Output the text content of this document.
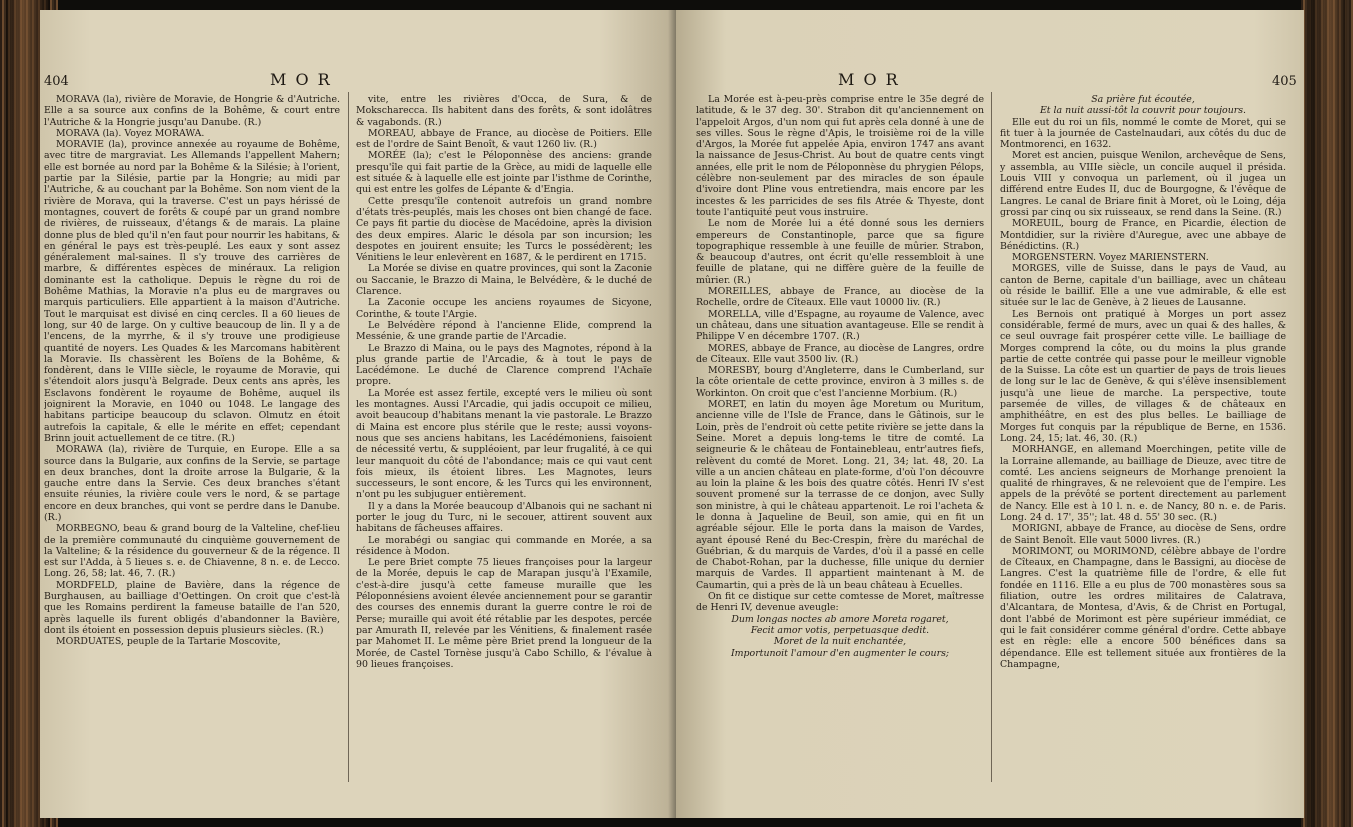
404	M O R

MORAVA (la), rivière de Moravie, de Hongrie & d'Autriche. Elle a sa source aux confins de la Bohême, & court entre l'Autriche & la Hongrie jusqu'au Danube. (R.)

MORAVA (la). Voyez MORAWA.

MORAVIE (la), province annexée au royaume de Bohême, avec titre de margraviat. Les Allemands l'appellent Mahern; elle est bornée au nord par la Bohême & la Silésie; à l'orient, partie par la Silésie, partie par la Hongrie; au midi par l'Autriche, & au couchant par la Bohême. Son nom vient de la rivière de Morava, qui la traverse. C'est un pays hérissé de montagnes, couvert de forêts & coupé par un grand nombre de rivières, de ruisseaux, d'étangs & de marais. La plaine donne plus de bled qu'il n'en faut pour nourrir les habitans, & en général le pays est très-peuplé. Les eaux y sont assez généralement mal-saines. Il s'y trouve des carrières de marbre, & différentes espèces de minéraux. La religion dominante est la catholique. Depuis le règne du roi de Bohême Mathias, la Moravie n'a plus eu de margraves ou marquis particuliers. Elle appartient à la maison d'Autriche. Tout le marquisat est divisé en cinq cercles. Il a 60 lieues de long, sur 40 de large. On y cultive beaucoup de lin. Il y a de l'encens, de la myrrhe, & il s'y trouve une prodigieuse quantité de noyers. Les Quades & les Marcomans habitèrent la Moravie. Ils chassèrent les Boïens de la Bohême, & fondèrent, dans le VIIIe siècle, le royaume de Moravie, qui s'étendoit alors jusqu'à Belgrade. Deux cents ans après, les Esclavons fondèrent le royaume de Bohême, auquel ils joignirent la Moravie, en 1040 ou 1048. Le langage des habitans participe beaucoup du sclavon. Olmutz en étoit autrefois la capitale, & elle le mérite en effet; cependant Brinn jouit actuellement de ce titre. (R.)

MORAWA (la), rivière de Turquie, en Europe. Elle a sa source dans la Bulgarie, aux confins de la Servie, se partage en deux branches, dont la droite arrose la Bulgarie, & la gauche entre dans la Servie. Ces deux branches s'étant ensuite réunies, la rivière coule vers le nord, & se partage encore en deux branches, qui vont se perdre dans le Danube. (R.)

MORBEGNO, beau & grand bourg de la Valteline, chef-lieu de la première communauté du cinquième gouvernement de la Valteline; & la résidence du gouverneur & de la régence. Il est sur l'Adda, à 5 lieues s. e. de Chiavenne, 8 n. e. de Lecco. Long. 26, 58; lat. 46, 7. (R.)

MORDFELD, plaine de Bavière, dans la régence de Burghausen, au bailliage d'Oettingen. On croit que c'est-là que les Romains perdirent la fameuse bataille de l'an 520, après laquelle ils furent obligés d'abandonner la Bavière, dont ils étoient en possession depuis plusieurs siècles. (R.)

MORDUATES, peuple de la Tartarie Moscovite,

vite, entre les rivières d'Occa, de Sura, & de Mokscharecca. Ils habitent dans des forêts, & sont idolâtres & vagabonds. (R.)

MOREAU, abbaye de France, au diocèse de Poitiers. Elle est de l'ordre de Saint Benoît, & vaut 1260 liv. (R.)

MORÉE (la); c'est le Péloponnèse des anciens: grande presqu'île qui fait partie de la Grèce, au midi de laquelle elle est située & à laquelle elle est jointe par l'isthme de Corinthe, qui est entre les golfes de Lépante & d'Engia.

Cette presqu'île contenoit autrefois un grand nombre d'états très-peuplés, mais les choses ont bien changé de face. Ce pays fit partie du diocèse de Macédoine, après la division des deux empires. Alaric le désola par son incursion; les despotes en jouirent ensuite; les Turcs le possédèrent; les Vénitiens le leur enlevèrent en 1687, & le perdirent en 1715.

La Morée se divise en quatre provinces, qui sont la Zaconie ou Saccanie, le Brazzo di Maina, le Belvédère, & le duché de Clarence.

La Zaconie occupe les anciens royaumes de Sicyone, Corinthe, & toute l'Argie.

Le Belvédère répond à l'ancienne Elide, comprend la Messénie, & une grande partie de l'Arcadie.

Le Brazzo di Maina, ou le pays des Magnotes, répond à la plus grande partie de l'Arcadie, & à tout le pays de Lacédémone. Le duché de Clarence comprend l'Achaïe propre.

La Morée est assez fertile, excepté vers le milieu où sont les montagnes. Aussi l'Arcadie, qui jadis occupoit ce milieu, avoit beaucoup d'habitans menant la vie pastorale. Le Brazzo di Maina est encore plus stérile que le reste; aussi voyons-nous que ses anciens habitans, les Lacédémoniens, faisoient de nécessité vertu, & suppléoient, par leur frugalité, à ce qui leur manquoit du côté de l'abondance; mais ce qui vaut cent fois mieux, ils étoient libres. Les Magnotes, leurs successeurs, le sont encore, & les Turcs qui les environnent, n'ont pu les subjuguer entièrement.

Il y a dans la Morée beaucoup d'Albanois qui ne sachant ni porter le joug du Turc, ni le secouer, attirent souvent aux habitans de fâcheuses affaires.

Le morabégi ou sangiac qui commande en Morée, a sa résidence à Modon.

Le pere Briet compte 75 lieues françoises pour la largeur de la Morée, depuis le cap de Marapan jusqu'à l'Examile, c'est-à-dire jusqu'à cette fameuse muraille que les Péloponnésiens avoient élevée anciennement pour se garantir des courses des ennemis durant la guerre contre le roi de Perse; muraille qui avoit été rétablie par les despotes, percée par Amurath II, relevée par les Vénitiens, & finalement rasée par Mahomet II. Le même père Briet prend la longueur de la Morée, de Castel Tornèse jusqu'à Cabo Schillo, & l'évalue à 90 lieues françoises.

M O R	405

La Morée est à-peu-près comprise entre le 35e degré de latitude, & le 37 deg. 30'. Strabon dit qu'anciennement on l'appeloit Argos, d'un nom qui fut après cela donné à une de ses villes. Sous le règne d'Apis, le troisième roi de la ville d'Argos, la Morée fut appelée Apia, environ 1747 ans avant la naissance de Jesus-Christ. Au bout de quatre cents vingt années, elle prit le nom de Péloponnèse du phrygien Pélops, célèbre non-seulement par des miracles de son épaule d'ivoire dont Pline vous entretiendra, mais encore par les incestes & les parricides de ses fils Atrée & Thyeste, dont toute l'antiquité peut vous instruire.

Le nom de Morée lui a été donné sous les derniers empereurs de Constantinople, parce que sa figure topographique ressemble à une feuille de mûrier. Strabon, & beaucoup d'autres, ont écrit qu'elle ressembloit à une feuille de platane, qui ne diffère guère de la feuille de mûrier. (R.)

MOREILLES, abbaye de France, au diocèse de la Rochelle, ordre de Cîteaux. Elle vaut 10000 liv. (R.)

MORELLA, ville d'Espagne, au royaume de Valence, avec un château, dans une situation avantageuse. Elle se rendit à Philippe V en décembre 1707. (R.)

MORES, abbaye de France, au diocèse de Langres, ordre de Cîteaux. Elle vaut 3500 liv. (R.)

MORESBY, bourg d'Angleterre, dans le Cumberland, sur la côte orientale de cette province, environ à 3 milles s. de Workinton. On croit que c'est l'ancienne Morbium. (R.)

MORET, en latin du moyen âge Moretum ou Muritum, ancienne ville de l'Isle de France, dans le Gâtinois, sur le Loin, près de l'endroit où cette petite rivière se jette dans la Seine. Moret a depuis long-tems le titre de comté. La seigneurie & le château de Fontainebleau, entr'autres fiefs, relèvent du comté de Moret. Long. 21, 34; lat. 48, 20. La ville a un ancien château en plate-forme, d'où l'on découvre au loin la plaine & les bois des quatre côtés. Henri IV s'est souvent promené sur la terrasse de ce donjon, avec Sully son ministre, à qui le château appartenoit. Le roi l'acheta & le donna à Jaqueline de Beuil, son amie, qui en fit un agréable séjour. Elle le porta dans la maison de Vardes, ayant épousé René du Bec-Crespin, frère du maréchal de Guébrian, & du marquis de Vardes, d'où il a passé en celle de Chabot-Rohan, par la duchesse, fille unique du dernier marquis de Vardes. Il appartient maintenant à M. de Caumartin, qui a près de là un beau château à Ecuelles.

On fit ce distique sur cette comtesse de Moret, maîtresse de Henri IV, devenue aveugle:

Dum longas noctes ab amore Moreta rogaret,

Fecit amor votis, perpetuasque dedit.

Moret de la nuit enchantée,

Importunoit l'amour d'en augmenter le cours;

Sa prière fut écoutée,

Et la nuit aussi-tôt la couvrit pour toujours.

Elle eut du roi un fils, nommé le comte de Moret, qui se fit tuer à la journée de Castelnaudari, aux côtés du duc de Montmorenci, en 1632.

Moret est ancien, puisque Wenilon, archevêque de Sens, y assembla, au VIIIe siècle, un concile auquel il présida. Louis VIII y convoqua un parlement, où il jugea un différend entre Eudes II, duc de Bourgogne, & l'évêque de Langres. Le canal de Briare finit à Moret, où le Loing, déja grossi par cinq ou six ruisseaux, se rend dans la Seine. (R.)

MOREUIL, bourg de France, en Picardie, élection de Montdidier, sur la rivière d'Auregue, avec une abbaye de Bénédictins. (R.)

MORGENSTERN. Voyez MARIENSTERN.

MORGES, ville de Suisse, dans le pays de Vaud, au canton de Berne, capitale d'un bailliage, avec un château où réside le baillif. Elle a une vue admirable, & elle est située sur le lac de Genève, à 2 lieues de Lausanne.

Les Bernois ont pratiqué à Morges un port assez considérable, fermé de murs, avec un quai & des halles, & ce seul ouvrage fait prospérer cette ville. Le bailliage de Morges comprend la côte, ou du moins la plus grande partie de cette contrée qui passe pour le meilleur vignoble de la Suisse. La côte est un quartier de pays de trois lieues de long sur le lac de Genève, & qui s'élève insensiblement jusqu'à une lieue de marche. La perspective, toute parsemée de villes, de villages & de châteaux en amphithéâtre, en est des plus belles. Le bailliage de Morges fut conquis par la république de Berne, en 1536. Long. 24, 15; lat. 46, 30. (R.)

MORHANGE, en allemand Moerchingen, petite ville de la Lorraine allemande, au bailliage de Dieuze, avec titre de comté. Les anciens seigneurs de Morhange prenoient la qualité de rhingraves, & ne relevoient que de l'empire. Les appels de la prévôté se portent directement au parlement de Nancy. Elle est à 10 l. n. e. de Nancy, 80 n. e. de Paris. Long. 24 d. 17', 35''; lat. 48 d. 55' 30 sec. (R.)

MORIGNI, abbaye de France, au diocèse de Sens, ordre de Saint Benoît. Elle vaut 5000 livres. (R.)

MORIMONT, ou MORIMOND, célèbre abbaye de l'ordre de Cîteaux, en Champagne, dans le Bassigni, au diocèse de Langres. C'est la quatrième fille de l'ordre, & elle fut fondée en 1116. Elle a eu plus de 700 monastères sous sa filiation, outre les ordres militaires de Calatrava, d'Alcantara, de Montesa, d'Avis, & de Christ en Portugal, dont l'abbé de Morimont est père supérieur immédiat, ce qui le fait considérer comme général d'ordre. Cette abbaye est en règle: elle a encore 500 bénéfices dans sa dépendance. Elle est tellement située aux frontières de la Champagne,
